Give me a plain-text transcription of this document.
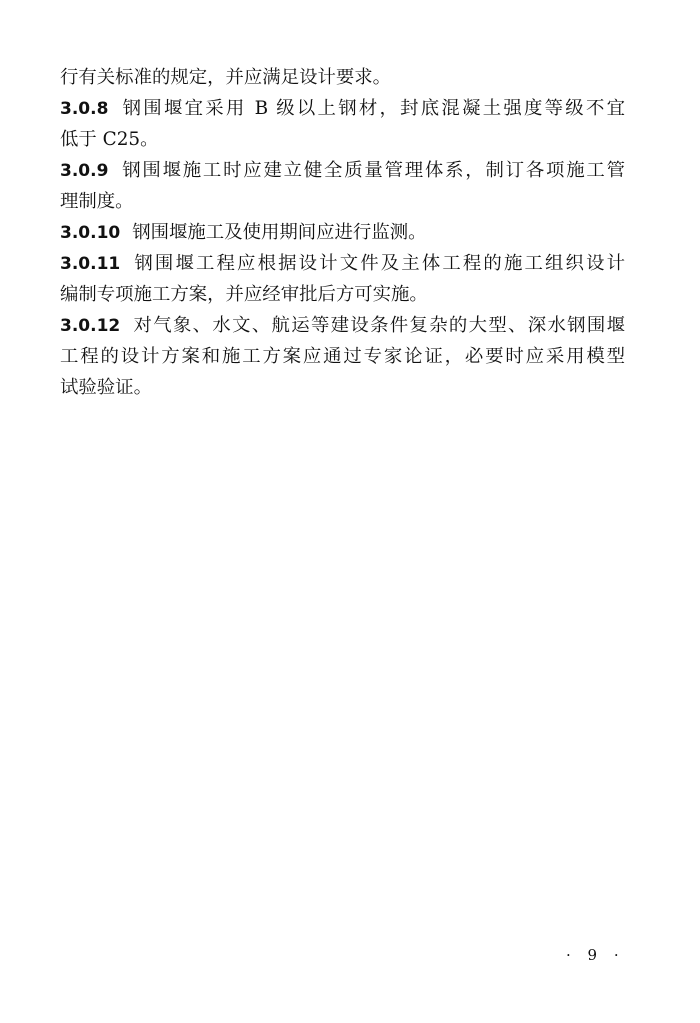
行有关标准的规定，并应满足设计要求。
3.0.8 钢围堰宜采用 B 级以上钢材，封底混凝土强度等级不宜
低于 C25。
3.0.9 钢围堰施工时应建立健全质量管理体系，制订各项施工管
理制度。
3.0.10 钢围堰施工及使用期间应进行监测。
3.0.11 钢围堰工程应根据设计文件及主体工程的施工组织设计
编制专项施工方案，并应经审批后方可实施。
3.0.12 对气象、水文、航运等建设条件复杂的大型、深水钢围堰
工程的设计方案和施工方案应通过专家论证，必要时应采用模型
试验验证。
· 9 ·
